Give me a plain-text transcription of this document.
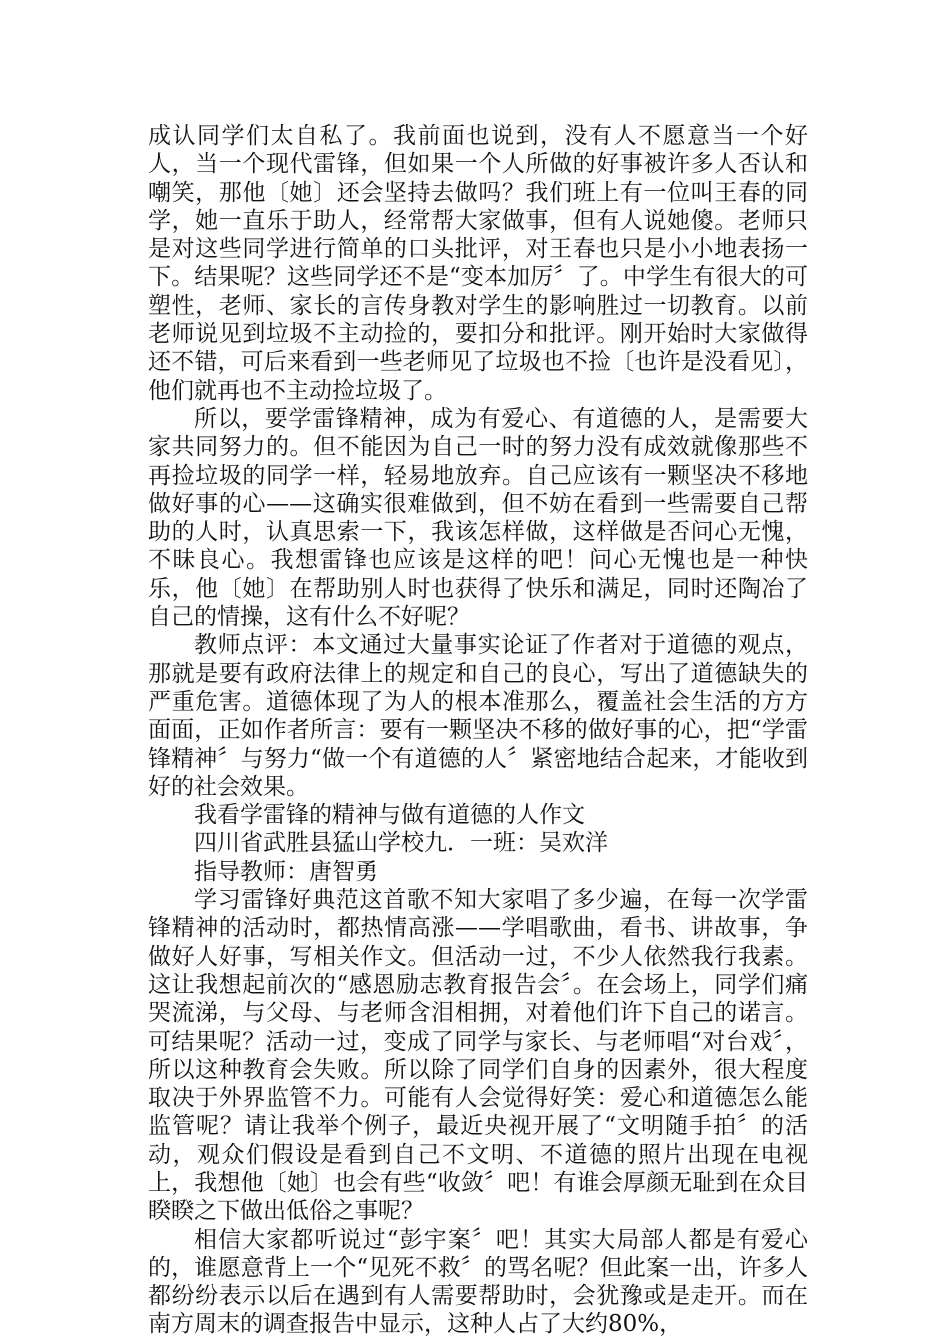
成认同学们太自私了。我前面也说到，没有人不愿意当一个好人，当一个现代雷锋，但如果一个人所做的好事被许多人否认和嘲笑，那他〔她〕还会坚持去做吗？我们班上有一位叫王春的同学，她一直乐于助人，经常帮大家做事，但有人说她傻。老师只是对这些同学进行简单的口头批评，对王春也只是小小地表扬一下。结果呢？这些同学还不是“变本加厉〞了。中学生有很大的可塑性，老师、家长的言传身教对学生的影响胜过一切教育。以前老师说见到垃圾不主动捡的，要扣分和批评。刚开始时大家做得还不错，可后来看到一些老师见了垃圾也不捡〔也许是没看见〕，他们就再也不主动捡垃圾了。

所以，要学雷锋精神，成为有爱心、有道德的人，是需要大家共同努力的。但不能因为自己一时的努力没有成效就像那些不再捡垃圾的同学一样，轻易地放弃。自己应该有一颗坚决不移地做好事的心——这确实很难做到，但不妨在看到一些需要自己帮助的人时，认真思索一下，我该怎样做，这样做是否问心无愧，不昧良心。我想雷锋也应该是这样的吧！问心无愧也是一种快乐，他〔她〕在帮助别人时也获得了快乐和满足，同时还陶冶了自己的情操，这有什么不好呢？

教师点评：本文通过大量事实论证了作者对于道德的观点，那就是要有政府法律上的规定和自己的良心，写出了道德缺失的严重危害。道德体现了为人的根本准那么，覆盖社会生活的方方面面，正如作者所言：要有一颗坚决不移的做好事的心，把“学雷锋精神〞与努力“做一个有道德的人〞紧密地结合起来，才能收到好的社会效果。

我看学雷锋的精神与做有道德的人作文

四川省武胜县猛山学校九．一班：吴欢洋

指导教师：唐智勇

学习雷锋好典范这首歌不知大家唱了多少遍，在每一次学雷锋精神的活动时，都热情高涨——学唱歌曲，看书、讲故事，争做好人好事，写相关作文。但活动一过，不少人依然我行我素。这让我想起前次的“感恩励志教育报告会〞。在会场上，同学们痛哭流涕，与父母、与老师含泪相拥，对着他们许下自己的诺言。可结果呢？活动一过，变成了同学与家长、与老师唱“对台戏〞，所以这种教育会失败。所以除了同学们自身的因素外，很大程度取决于外界监管不力。可能有人会觉得好笑：爱心和道德怎么能监管呢？请让我举个例子，最近央视开展了“文明随手拍〞的活动，观众们假设是看到自己不文明、不道德的照片出现在电视上，我想他〔她〕也会有些“收敛〞吧！有谁会厚颜无耻到在众目睽睽之下做出低俗之事呢？

相信大家都听说过“彭宇案〞吧！其实大局部人都是有爱心的，谁愿意背上一个“见死不救〞的骂名呢？但此案一出，许多人都纷纷表示以后在遇到有人需要帮助时，会犹豫或是走开。而在南方周末的调查报告中显示，这种人占了大约80%，
